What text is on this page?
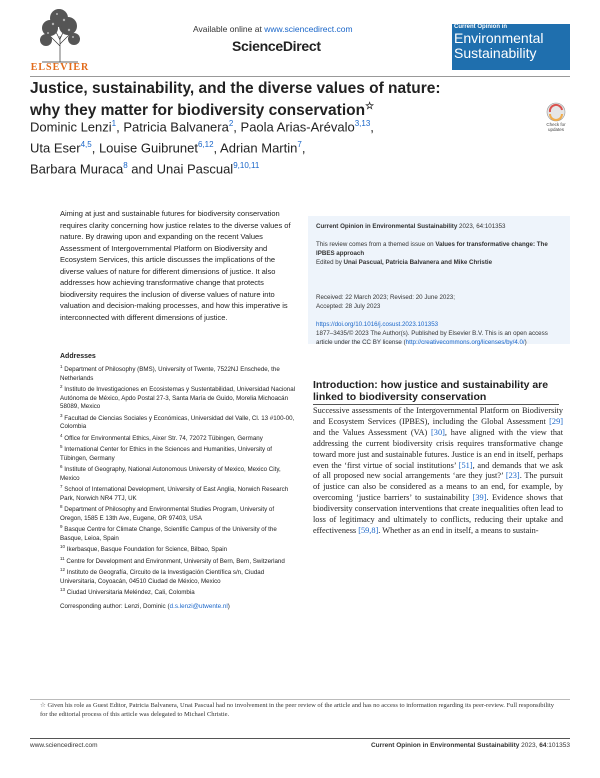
ELSEVIER
Available online at www.sciencedirect.com
ScienceDirect
Current Opinion in
Environmental
Sustainability
Justice, sustainability, and the diverse values of nature:
why they matter for biodiversity conservation☆
Dominic Lenzi$^1$, Patricia Balvanera$^2$, Paola Arias-Arévalo$^{3,13}$,
Uta Eser$^{4,5}$, Louise Guibrunet$^{6,12}$, Adrian Martin$^7$,
Barbara Muraca$^8$ and Unai Pascual$^{9,10,11}$
Check for updates
Aiming at just and sustainable futures for biodiversity conservation requires clarity concerning how justice relates to the diverse values of nature. By drawing upon and expanding on the recent Values Assessment of Intergovernmental Platform on Biodiversity and Ecosystem Services, this article discusses the implications of the diverse values of nature for different dimensions of justice. It also addresses how achieving transformative change that protects biodiversity requires the inclusion of diverse values of nature into valuation and decision-making processes, and how this imperative is interconnected with different dimensions of justice.
Current Opinion in Environmental Sustainability 2023, 64:101353
This review comes from a themed issue on Values for transformative change: The IPBES approach
Edited by Unai Pascual, Patricia Balvanera and Mike Christie
Received: 22 March 2023; Revised: 20 June 2023;
Accepted: 28 July 2023
https://doi.org/10.1016/j.cosust.2023.101353
1877–3435/© 2023 The Author(s). Published by Elsevier B.V. This is an open access article under the CC BY license (http://creativecommons.org/licenses/by/4.0/)
Addresses
$^1$ Department of Philosophy (BMS), University of Twente, 7522NJ Enschede, the Netherlands
$^2$ Instituto de Investigaciones en Ecosistemas y Sustentabilidad, Universidad Nacional Autónoma de México, Apdo Postal 27-3, Santa María de Guido, Morelia Michoacán 58089, Mexico
$^3$ Facultad de Ciencias Sociales y Económicas, Universidad del Valle, Cl. 13 #100-00, Colombia
$^4$ Office for Environmental Ethics, Aixer Str. 74, 72072 Tübingen, Germany
$^5$ International Center for Ethics in the Sciences and Humanities, University of Tübingen, Germany
$^6$ Institute of Geography, National Autonomous University of Mexico, Mexico City, Mexico
$^7$ School of International Development, University of East Anglia, Norwich Research Park, Norwich NR4 7TJ, UK
$^8$ Department of Philosophy and Environmental Studies Program, University of Oregon, 1585 E 13th Ave, Eugene, OR 97403, USA
$^9$ Basque Centre for Climate Change, Scientific Campus of the University of the Basque, Leioa, Spain
$^{10}$ Ikerbasque, Basque Foundation for Science, Bilbao, Spain
$^{11}$ Centre for Development and Environment, University of Bern, Bern, Switzerland
$^{12}$ Instituto de Geografía, Circuito de la Investigación Científica s/n, Ciudad Universitaria, Coyoacán, 04510 Ciudad de México, Mexico
$^{13}$ Ciudad Universitaria Meléndez, Cali, Colombia
Corresponding author: Lenzi, Dominic (d.s.lenzi@utwente.nl)
Introduction: how justice and sustainability are linked to biodiversity conservation
Successive assessments of the Intergovernmental Platform on Biodiversity and Ecosystem Services (IPBES), including the Global Assessment [29] and the Values Assessment (VA) [30], have aligned with the view that addressing the current biodiversity crisis requires transformative change toward more just and sustainable futures. Justice is an end in itself, perhaps even the ‘first virtue of social institutions’ [51], and demands that we ask of all proposed new social arrangements ‘are they just?’ [23]. The pursuit of justice can also be considered as a means to an end, for example, by overcoming ‘justice barriers’ to sustainability [39]. Evidence shows that biodiversity conservation interventions that create inequalities often lead to loss of legitimacy and ultimately to conflicts, reducing their uptake and effectiveness [59,8]. Whether as an end in itself, a means to sustain-
☆ Given his role as Guest Editor, Patricia Balvanera, Unai Pascual had no involvement in the peer review of the article and has no access to information regarding its peer-review. Full responsibility for the editorial process of this article was delegated to Michael Christie.
www.sciencedirect.com	Current Opinion in Environmental Sustainability 2023, 64:101353
